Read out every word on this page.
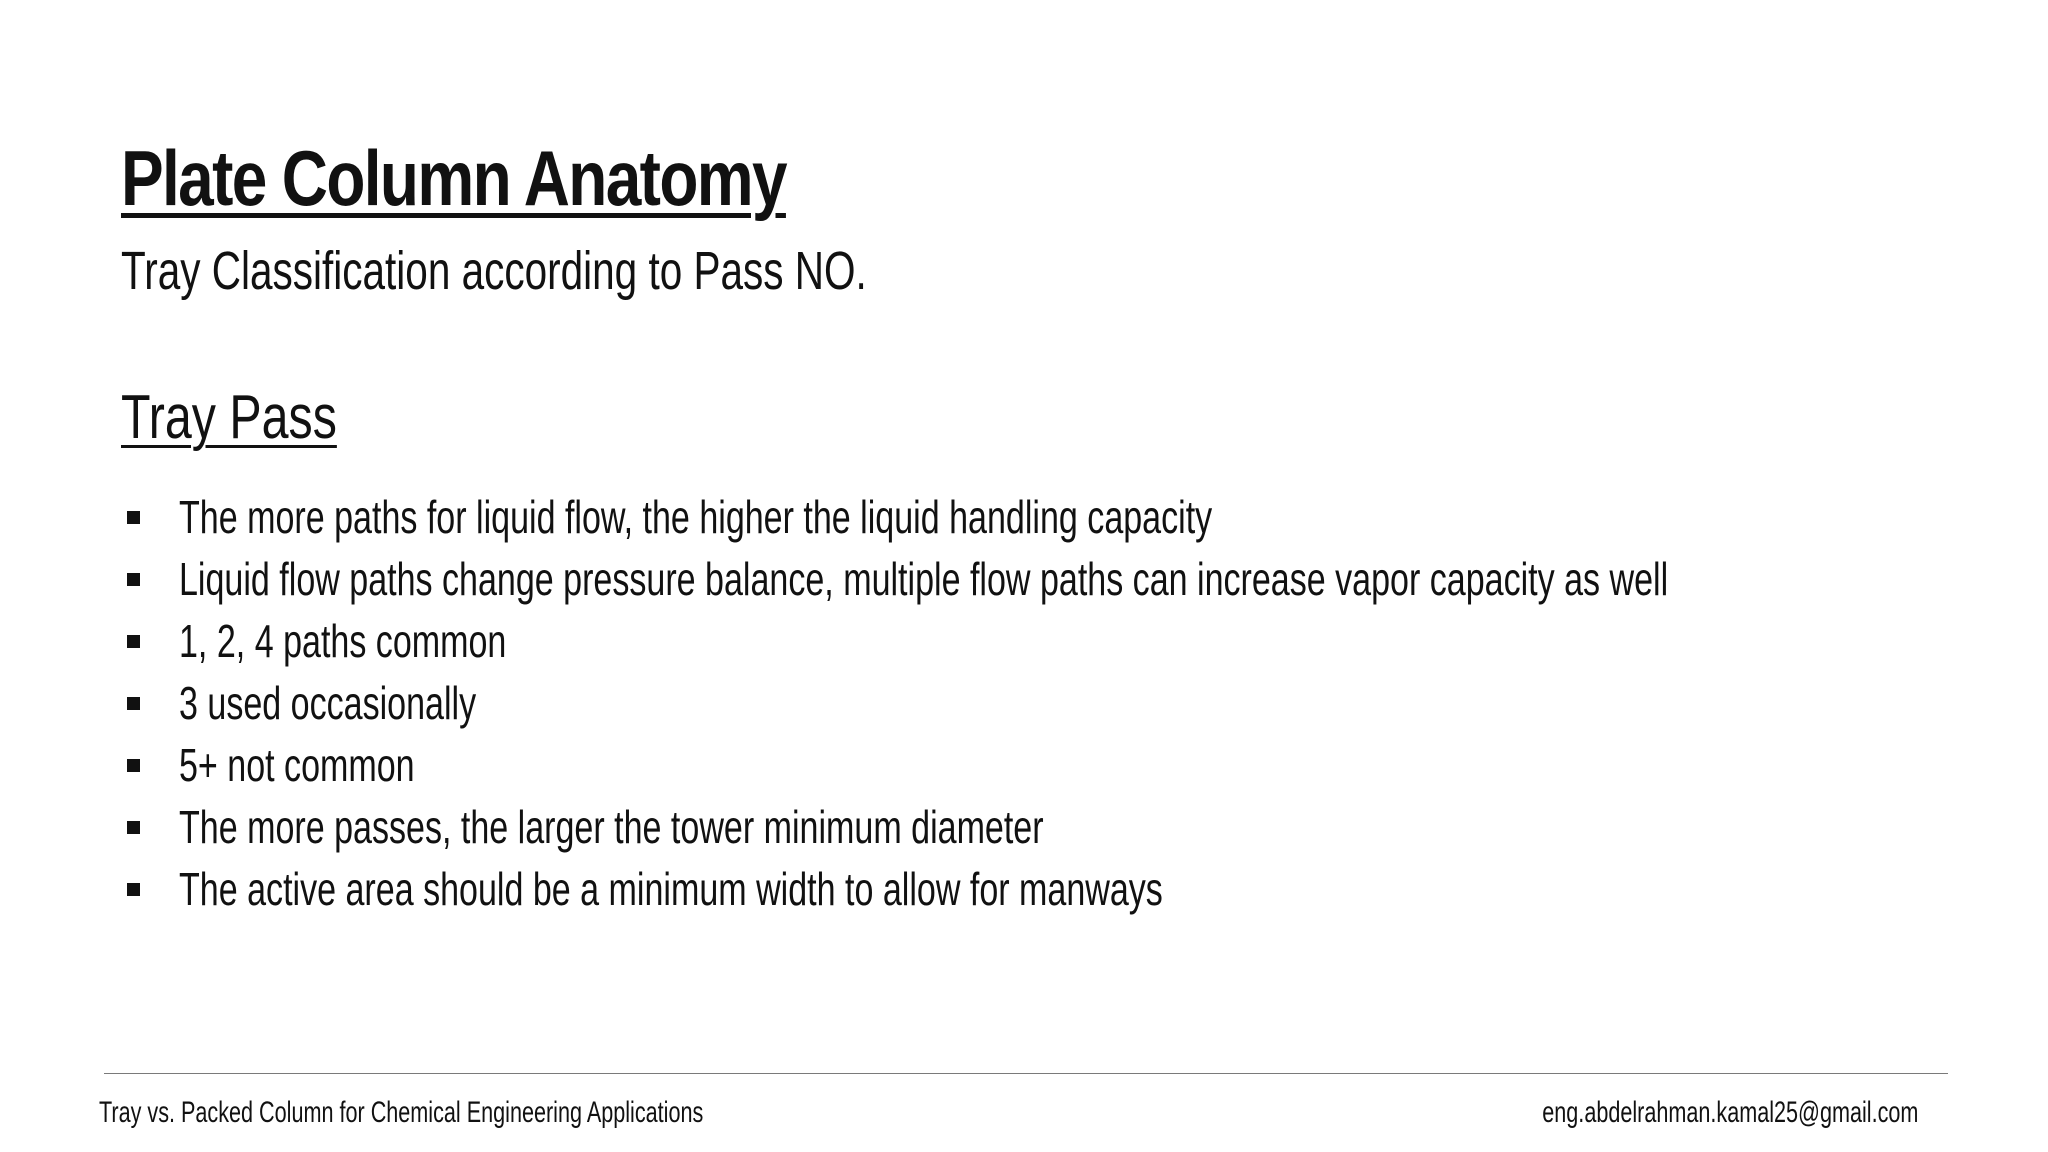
Plate Column Anatomy
Tray Classification according to Pass NO.
Tray Pass
The more paths for liquid flow, the higher the liquid handling capacity
Liquid flow paths change pressure balance, multiple flow paths can increase vapor capacity as well
1, 2, 4 paths common
3 used occasionally
5+ not common
The more passes, the larger the tower minimum diameter
The active area should be a minimum width to allow for manways
Tray vs. Packed Column for Chemical Engineering Applications	eng.abdelrahman.kamal25@gmail.com
